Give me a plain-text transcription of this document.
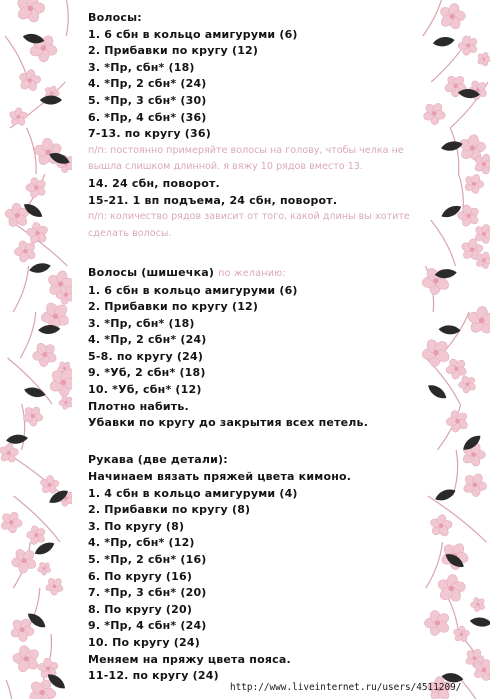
Волосы:
1. 6 сбн в кольцо амигуруми (6)
2. Прибавки по кругу (12)
3. *Пр, сбн* (18)
4. *Пр, 2 сбн* (24)
5. *Пр, 3 сбн* (30)
6. *Пр, 4 сбн* (36)
7-13. по кругу (36)
п/п: постоянно примеряйте волосы на голову, чтобы челка не
вышла слишком длинной. я вяжу 10 рядов вместо 13.
14. 24 сбн, поворот.
15-21. 1 вп подъема, 24 сбн, поворот.
п/п: количество рядов зависит от того, какой длины вы хотите
сделать волосы.
Волосы (шишечка) по желанию:
1. 6 сбн в кольцо амигуруми (6)
2. Прибавки по кругу (12)
3. *Пр, сбн* (18)
4. *Пр, 2 сбн* (24)
5-8. по кругу (24)
9. *Уб, 2 сбн* (18)
10. *Уб, сбн* (12)
Плотно набить.
Убавки по кругу до закрытия всех петель.
Рукава (две детали):
Начинаем вязать пряжей цвета кимоно.
1. 4 сбн в кольцо амигуруми (4)
2. Прибавки по кругу (8)
3. По кругу (8)
4. *Пр, сбн* (12)
5. *Пр, 2 сбн* (16)
6. По кругу (16)
7. *Пр, 3 сбн* (20)
8. По кругу (20)
9. *Пр, 4 сбн* (24)
10. По кругу (24)
Меняем на пряжу цвета пояса.
11-12. по кругу (24)
http://www.liveinternet.ru/users/4511209/
